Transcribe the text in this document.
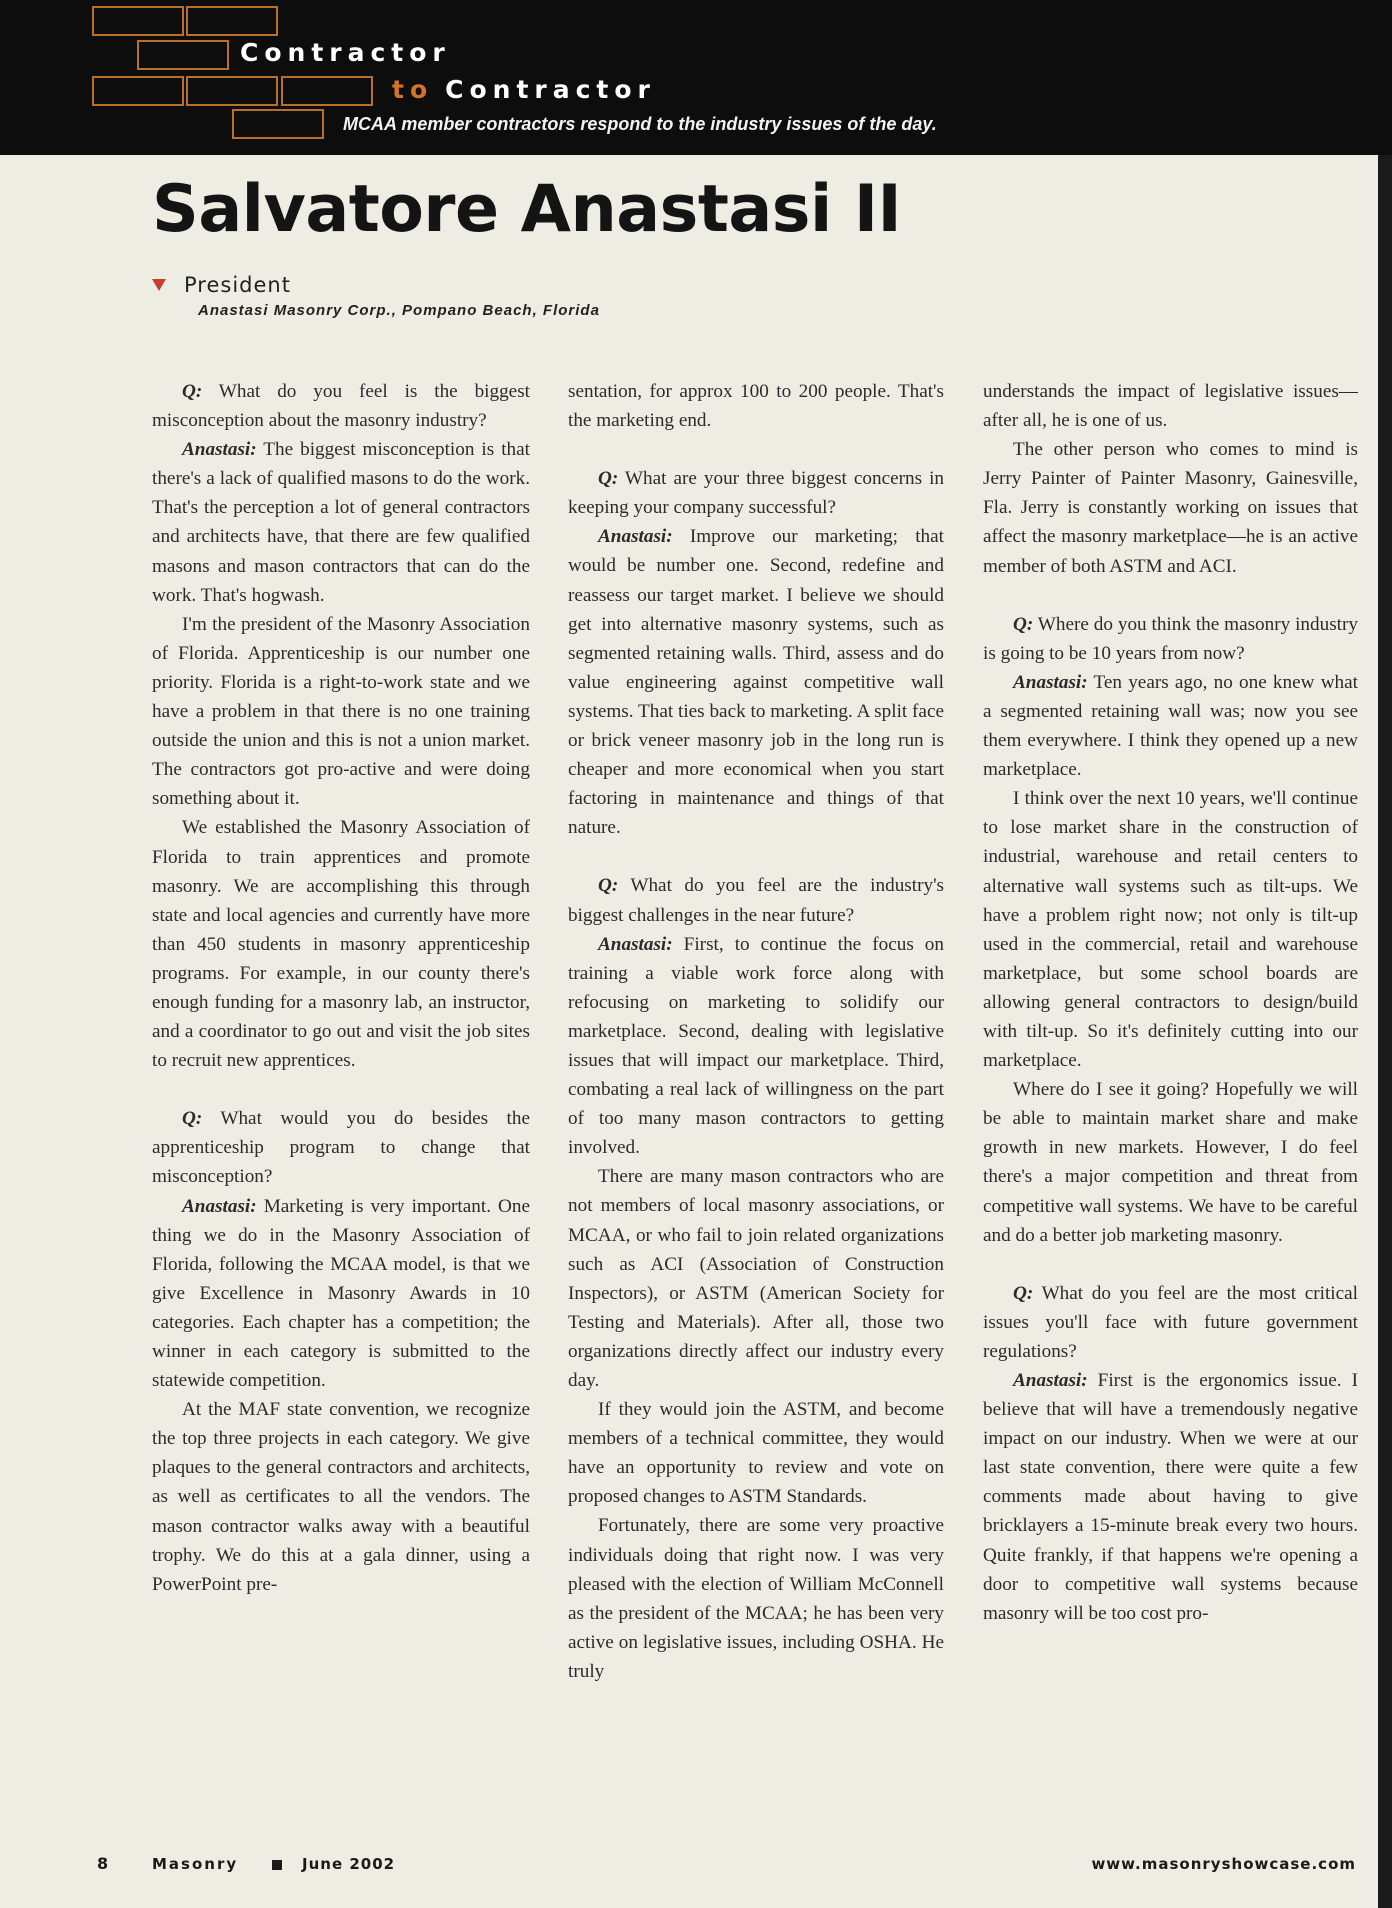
Contractor
to Contractor
MCAA member contractors respond to the industry issues of the day.
Salvatore Anastasi II
President
Anastasi Masonry Corp., Pompano Beach, Florida

Q: What do you feel is the biggest misconception about the masonry industry?

Anastasi: The biggest misconception is that there's a lack of qualified masons to do the work. That's the perception a lot of general contractors and architects have, that there are few qualified masons and mason contractors that can do the work. That's hogwash.

I'm the president of the Masonry Association of Florida. Apprenticeship is our number one priority. Florida is a right-to-work state and we have a problem in that there is no one training outside the union and this is not a union market. The contractors got pro-active and were doing something about it.

We established the Masonry Association of Florida to train apprentices and promote masonry. We are accomplishing this through state and local agencies and currently have more than 450 students in masonry apprenticeship programs. For example, in our county there's enough funding for a masonry lab, an instructor, and a coordinator to go out and visit the job sites to recruit new apprentices.

Q: What would you do besides the apprenticeship program to change that misconception?

Anastasi: Marketing is very important. One thing we do in the Masonry Association of Florida, following the MCAA model, is that we give Excellence in Masonry Awards in 10 categories. Each chapter has a competition; the winner in each category is submitted to the statewide competition.

At the MAF state convention, we recognize the top three projects in each category. We give plaques to the general contractors and architects, as well as certificates to all the vendors. The mason contractor walks away with a beautiful trophy. We do this at a gala dinner, using a PowerPoint pre-

sentation, for approx 100 to 200 people. That's the marketing end.

Q: What are your three biggest concerns in keeping your company successful?

Anastasi: Improve our marketing; that would be number one. Second, redefine and reassess our target market. I believe we should get into alternative masonry systems, such as segmented retaining walls. Third, assess and do value engineering against competitive wall systems. That ties back to marketing. A split face or brick veneer masonry job in the long run is cheaper and more economical when you start factoring in maintenance and things of that nature.

Q: What do you feel are the industry's biggest challenges in the near future?

Anastasi: First, to continue the focus on training a viable work force along with refocusing on marketing to solidify our marketplace. Second, dealing with legislative issues that will impact our marketplace. Third, combating a real lack of willingness on the part of too many mason contractors to getting involved.

There are many mason contractors who are not members of local masonry associations, or MCAA, or who fail to join related organizations such as ACI (Association of Construction Inspectors), or ASTM (American Society for Testing and Materials). After all, those two organizations directly affect our industry every day.

If they would join the ASTM, and become members of a technical committee, they would have an opportunity to review and vote on proposed changes to ASTM Standards.

Fortunately, there are some very proactive individuals doing that right now. I was very pleased with the election of William McConnell as the president of the MCAA; he has been very active on legislative issues, including OSHA. He truly

understands the impact of legislative issues—after all, he is one of us.

The other person who comes to mind is Jerry Painter of Painter Masonry, Gainesville, Fla. Jerry is constantly working on issues that affect the masonry marketplace—he is an active member of both ASTM and ACI.

Q: Where do you think the masonry industry is going to be 10 years from now?

Anastasi: Ten years ago, no one knew what a segmented retaining wall was; now you see them everywhere. I think they opened up a new marketplace.

I think over the next 10 years, we'll continue to lose market share in the construction of industrial, warehouse and retail centers to alternative wall systems such as tilt-ups. We have a problem right now; not only is tilt-up used in the commercial, retail and warehouse marketplace, but some school boards are allowing general contractors to design/build with tilt-up. So it's definitely cutting into our marketplace.

Where do I see it going? Hopefully we will be able to maintain market share and make growth in new markets. However, I do feel there's a major competition and threat from competitive wall systems. We have to be careful and do a better job marketing masonry.

Q: What do you feel are the most critical issues you'll face with future government regulations?

Anastasi: First is the ergonomics issue. I believe that will have a tremendously negative impact on our industry. When we were at our last state convention, there were quite a few comments made about having to give bricklayers a 15-minute break every two hours. Quite frankly, if that happens we're opening a door to competitive wall systems because masonry will be too cost pro-

8	Masonry	June 2002	www.masonryshowcase.com
